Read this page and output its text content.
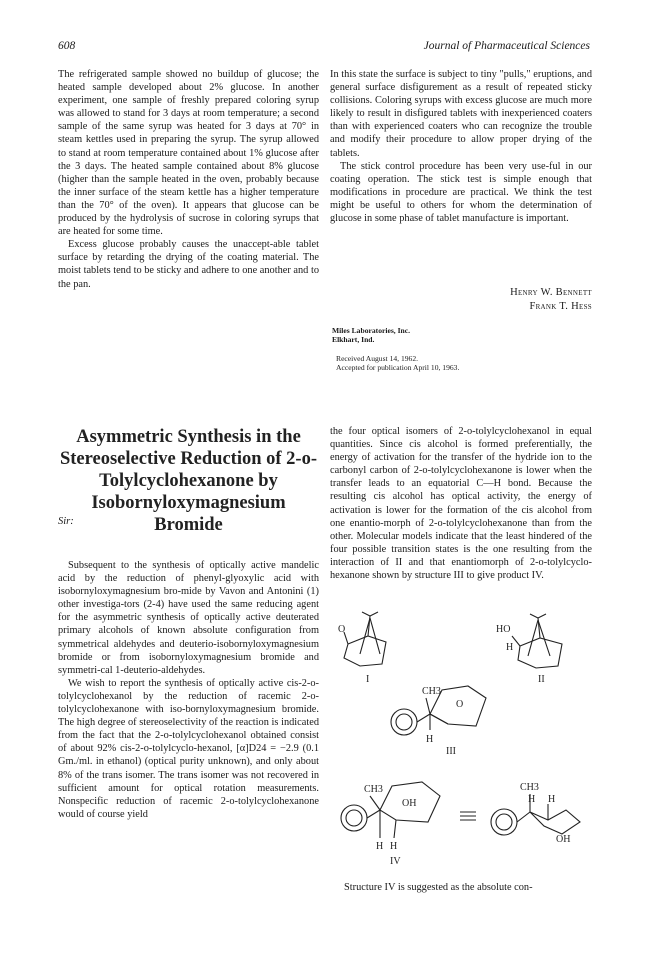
608	Journal of Pharmaceutical Sciences

The refrigerated sample showed no buildup of glucose; the heated sample developed about 2% glucose. In another experiment, one sample of freshly prepared coloring syrup was allowed to stand for 3 days at room temperature; a second sample of the same syrup was heated for 3 days at 70° in steam kettles used in preparing the syrup. The syrup allowed to stand at room temperature contained about 1% glucose after the 3 days. The heated sample contained about 8% glucose (higher than the sample heated in the oven, probably because the inner surface of the steam kettle has a higher temperature than the 70° of the oven). It appears that glucose can be produced by the hydrolysis of sucrose in coloring syrups that are heated for some time.

Excess glucose probably causes the unaccept-able tablet surface by retarding the drying of the coating material. The moist tablets tend to be sticky and adhere to one another and to the pan.

In this state the surface is subject to tiny "pulls," eruptions, and general surface disfigurement as a result of repeated sticky collisions. Coloring syrups with excess glucose are much more likely to result in disfigured tablets with inexperienced coaters than with experienced coaters who can recognize the trouble and modify their procedure to allow proper drying of the tablets.

The stick control procedure has been very use-ful in our coating operation. The stick test is simple enough that modifications in procedure are practical. We think the test might be useful to others for whom the determination of glucose in some phase of tablet manufacture is important.

Henry W. Bennett
Frank T. Hess
Miles Laboratories, Inc.
Elkhart, Ind.
Received August 14, 1962.
Accepted for publication April 10, 1963.
Asymmetric Synthesis in the Stereoselective Reduction of 2-o-Tolylcyclohexanone by Isobornyloxymagnesium Bromide
Sir:

Subsequent to the synthesis of optically active mandelic acid by the reduction of phenyl-glyoxylic acid with isobornyloxymagnesium bro-mide by Vavon and Antonini (1) other investiga-tors (2-4) have used the same reducing agent for the asymmetric synthesis of optically active deuterated primary alcohols of known absolute configuration from symmetrical aldehydes and deuterio-isobornyloxymagnesium bromide or from isobornyloxymagnesium bromide and symmetri-cal 1-deuterio-aldehydes.

We wish to report the synthesis of optically active cis-2-o-tolylcyclohexanol by the reduction of racemic 2-o-tolylcyclohexanone with iso-bornyloxymagnesium bromide. The high degree of stereoselectivity of the reaction is indicated from the fact that the 2-o-tolylcyclohexanol obtained consist of about 92% cis-2-o-tolylcyclo-hexanol, [α]D24 = −2.9 (0.1 Gm./ml. in ethanol) (optical purity unknown), and only about 8% of the trans isomer. The trans isomer was not recovered in sufficient amount for optical rotation measurements. Nonspecific reduction of racemic 2-o-tolylcyclohexanone would of course yield

the four optical isomers of 2-o-tolylcyclohexanol in equal quantities. Since cis alcohol is formed preferentially, the energy of activation for the transfer of the hydride ion to the carbonyl carbon of 2-o-tolylcyclohexanone is lower when the transfer leads to an equatorial C—H bond. Because the resulting cis alcohol has optical activity, the energy of activation is lower for the formation of the cis alcohol from one enantio-morph of 2-o-tolylcyclohexanone than from the other. Molecular models indicate that the least hindered of the four possible transition states is the one resulting from the interaction of II and that enantiomorph of 2-o-tolylcyclo-hexanone shown by structure III to give product IV.

O
I
HO
H
II
CH3
O
H
III
CH3
OH
H H
IV
CH3
H H
OH
Structure IV is suggested as the absolute con-
